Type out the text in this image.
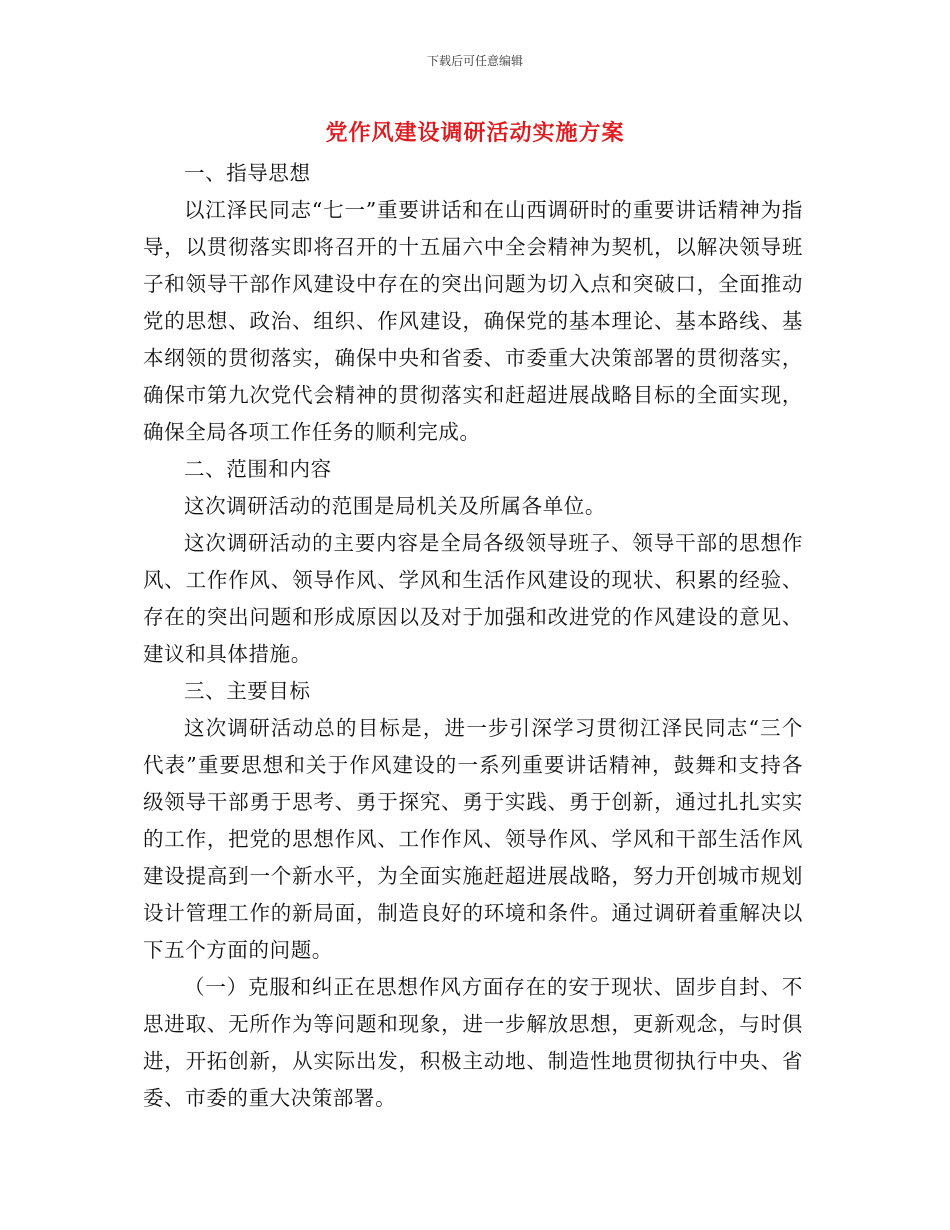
下载后可任意编辑
党作风建设调研活动实施方案

一、指导思想

以江泽民同志“七一”重要讲话和在山西调研时的重要讲话精神为指导，以贯彻落实即将召开的十五届六中全会精神为契机，以解决领导班子和领导干部作风建设中存在的突出问题为切入点和突破口，全面推动党的思想、政治、组织、作风建设，确保党的基本理论、基本路线、基本纲领的贯彻落实，确保中央和省委、市委重大决策部署的贯彻落实，确保市第九次党代会精神的贯彻落实和赶超进展战略目标的全面实现，确保全局各项工作任务的顺利完成。

二、范围和内容

这次调研活动的范围是局机关及所属各单位。

这次调研活动的主要内容是全局各级领导班子、领导干部的思想作风、工作作风、领导作风、学风和生活作风建设的现状、积累的经验、存在的突出问题和形成原因以及对于加强和改进党的作风建设的意见、建议和具体措施。

三、主要目标

这次调研活动总的目标是，进一步引深学习贯彻江泽民同志“三个代表”重要思想和关于作风建设的一系列重要讲话精神，鼓舞和支持各级领导干部勇于思考、勇于探究、勇于实践、勇于创新，通过扎扎实实的工作，把党的思想作风、工作作风、领导作风、学风和干部生活作风建设提高到一个新水平，为全面实施赶超进展战略，努力开创城市规划设计管理工作的新局面，制造良好的环境和条件。通过调研着重解决以下五个方面的问题。

（一）克服和纠正在思想作风方面存在的安于现状、固步自封、不思进取、无所作为等问题和现象，进一步解放思想，更新观念，与时俱进，开拓创新，从实际出发，积极主动地、制造性地贯彻执行中央、省委、市委的重大决策部署。
